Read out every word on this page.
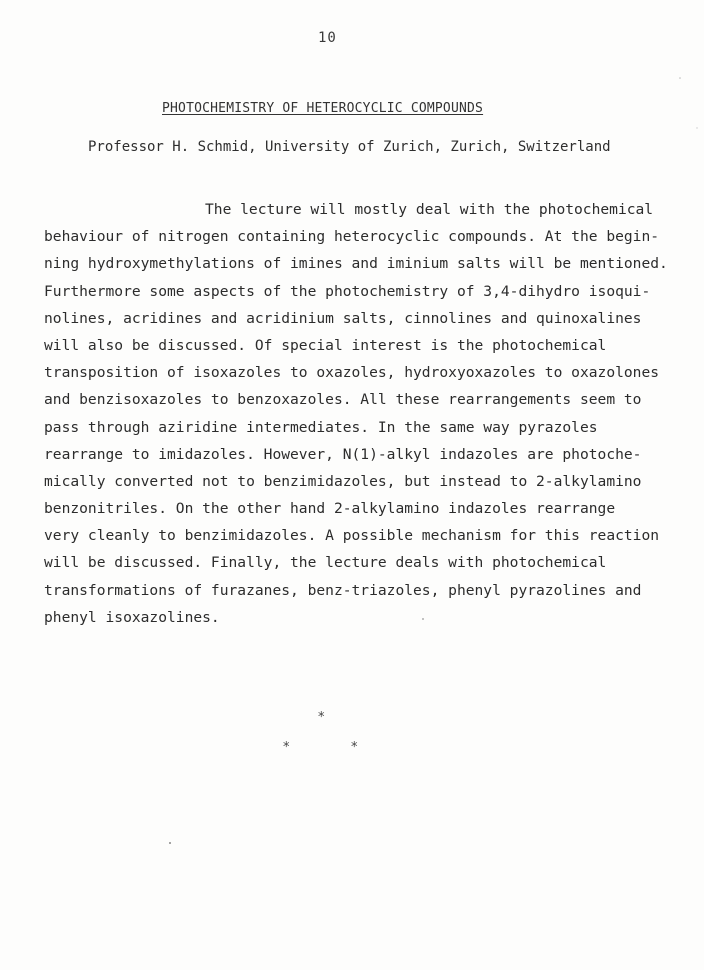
10
PHOTOCHEMISTRY OF HETEROCYCLIC COMPOUNDS
Professor H. Schmid, University of Zurich, Zurich, Switzerland
The lecture will mostly deal with the photochemical
behaviour of nitrogen containing heterocyclic compounds. At the begin-
ning hydroxymethylations of imines and iminium salts will be mentioned.
Furthermore some aspects of the photochemistry of 3,4-dihydro isoqui-
nolines, acridines and acridinium salts, cinnolines and quinoxalines
will also be discussed. Of special interest is the photochemical
transposition of isoxazoles to oxazoles, hydroxyoxazoles to oxazolones
and benzisoxazoles to benzoxazoles. All these rearrangements seem to
pass through aziridine intermediates. In the same way pyrazoles
rearrange to imidazoles. However, N(1)-alkyl indazoles are photoche-
mically converted not to benzimidazoles, but instead to 2-alkylamino
benzonitriles. On the other hand 2-alkylamino indazoles rearrange
very cleanly to benzimidazoles. A possible mechanism for this reaction
will be discussed. Finally, the lecture deals with photochemical
transformations of furazanes, benz-triazoles, phenyl pyrazolines and
phenyl isoxazolines.
*
*	*
